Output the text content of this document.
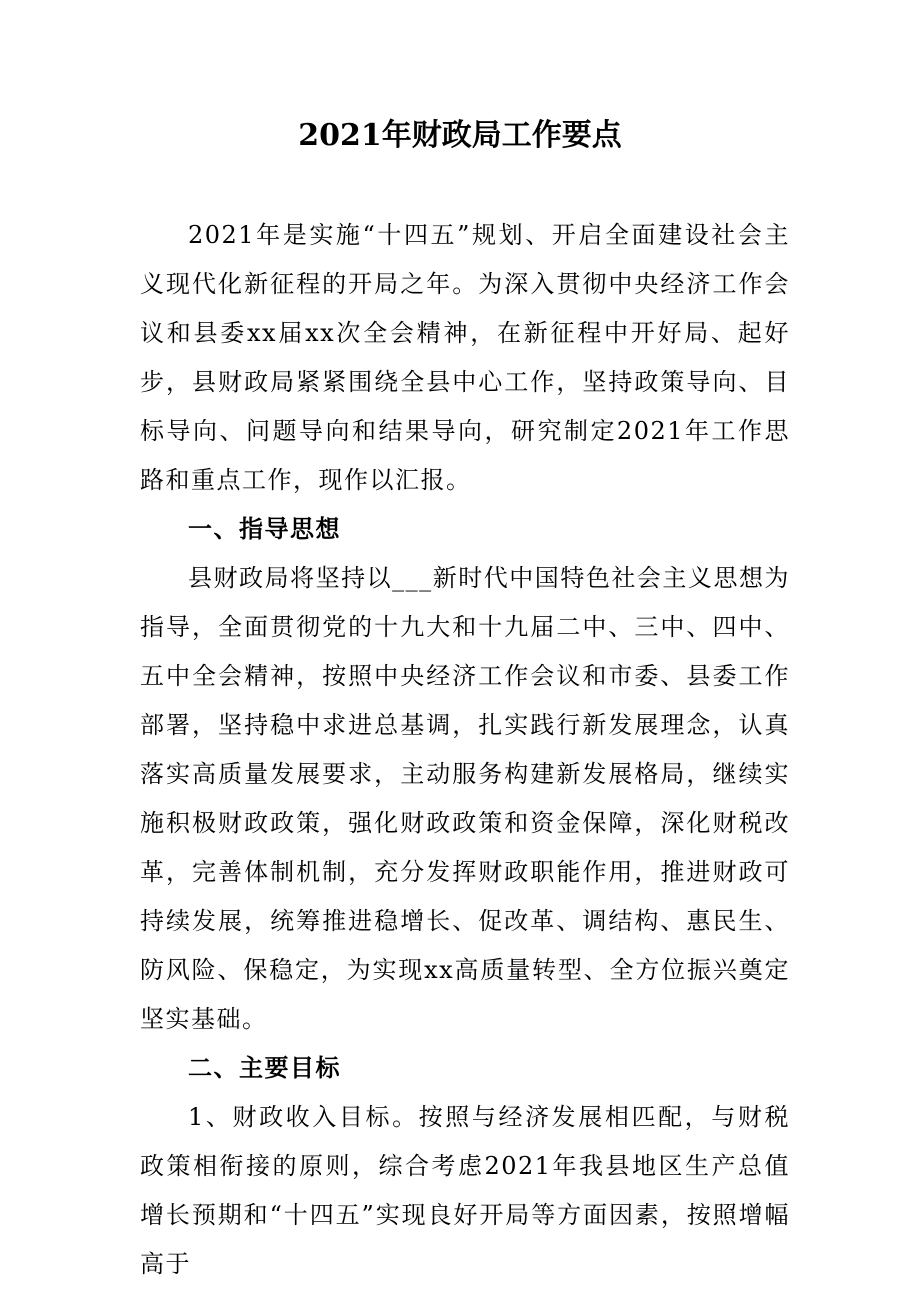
2021年财政局工作要点

2021年是实施“十四五”规划、开启全面建设社会主义现代化新征程的开局之年。为深入贯彻中央经济工作会议和县委xx届xx次全会精神，在新征程中开好局、起好步，县财政局紧紧围绕全县中心工作，坚持政策导向、目标导向、问题导向和结果导向，研究制定2021年工作思路和重点工作，现作以汇报。

一、指导思想

县财政局将坚持以___新时代中国特色社会主义思想为指导，全面贯彻党的十九大和十九届二中、三中、四中、五中全会精神，按照中央经济工作会议和市委、县委工作部署，坚持稳中求进总基调，扎实践行新发展理念，认真落实高质量发展要求，主动服务构建新发展格局，继续实施积极财政政策，强化财政政策和资金保障，深化财税改革，完善体制机制，充分发挥财政职能作用，推进财政可持续发展，统筹推进稳增长、促改革、调结构、惠民生、防风险、保稳定，为实现xx高质量转型、全方位振兴奠定坚实基础。

二、主要目标

1、财政收入目标。按照与经济发展相匹配，与财税政策相衔接的原则，综合考虑2021年我县地区生产总值增长预期和“十四五”实现良好开局等方面因素，按照增幅高于
